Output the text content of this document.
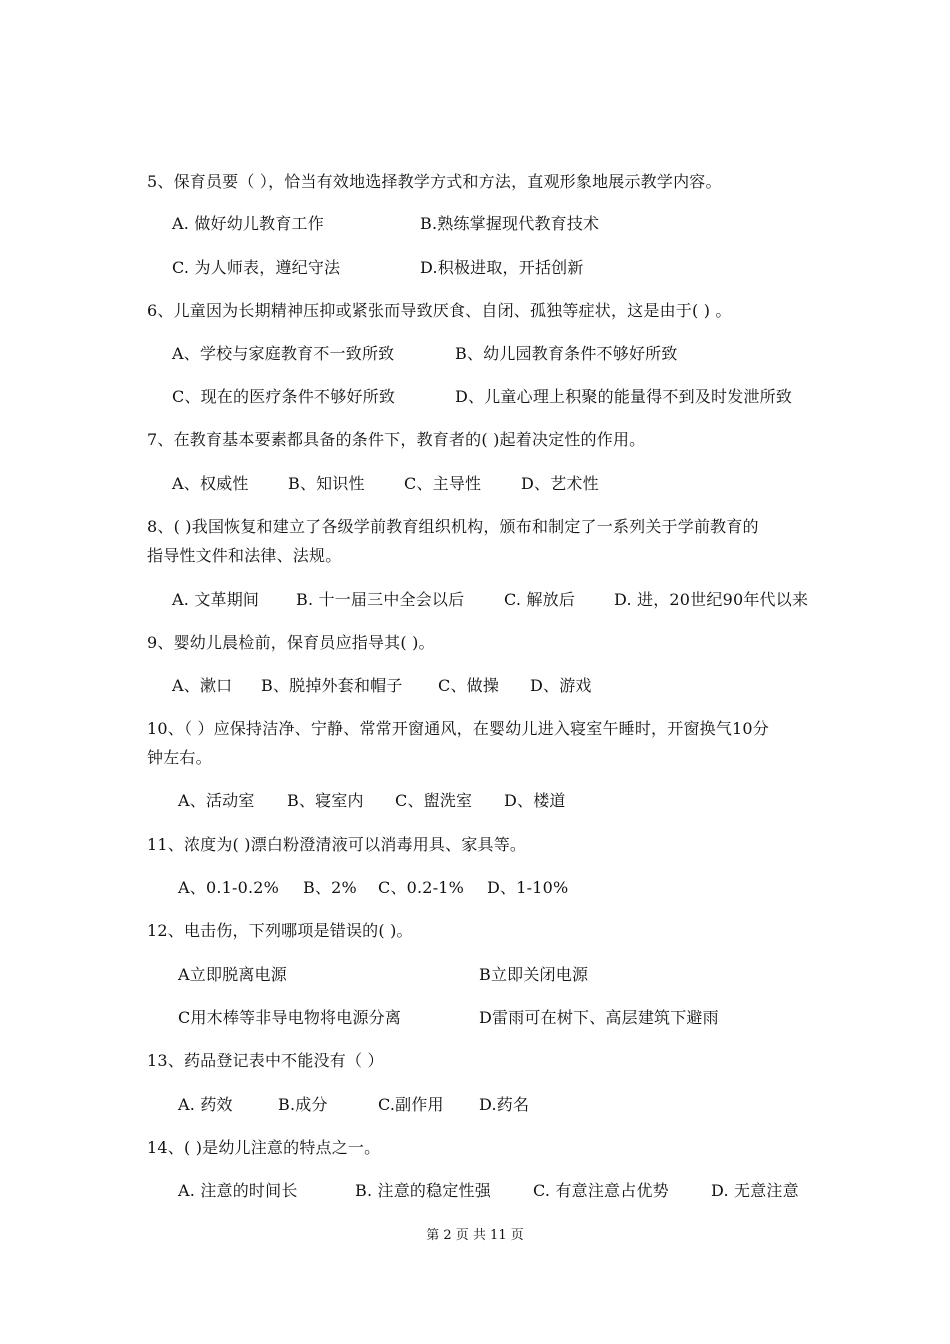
5、保育员要（ ），恰当有效地选择教学方式和方法，直观形象地展示教学内容。
A. 做好幼儿教育工作	B.熟练掌握现代教育技术
C. 为人师表，遵纪守法	D.积极进取，开括创新
6、儿童因为长期精神压抑或紧张而导致厌食、自闭、孤独等症状，这是由于( ) 。
A、学校与家庭教育不一致所致	B、幼儿园教育条件不够好所致
C、现在的医疗条件不够好所致	D、儿童心理上积聚的能量得不到及时发泄所致
7、在教育基本要素都具备的条件下，教育者的( )起着决定性的作用。
A、权威性 B、知识性 C、主导性 D、艺术性
8、( )我国恢复和建立了各级学前教育组织机构，颁布和制定了一系列关于学前教育的
指导性文件和法律、法规。
A. 文革期间 B. 十一届三中全会以后 C. 解放后 D. 进，20世纪90年代以来
9、婴幼儿晨检前，保育员应指导其( )。
A、漱口 B、脱掉外套和帽子 C、做操 D、游戏
10、（ ）应保持洁净、宁静、常常开窗通风，在婴幼儿进入寝室午睡时，开窗换气10分
钟左右。
A、活动室 B、寝室内 C、盥洗室 D、楼道
11、浓度为( )漂白粉澄清液可以消毒用具、家具等。
A、0.1-0.2% B、2% C、0.2-1% D、1-10%
12、电击伤，下列哪项是错误的( )。
A立即脱离电源	B立即关闭电源
C用木棒等非导电物将电源分离	D雷雨可在树下、高层建筑下避雨
13、药品登记表中不能没有（ ）
A. 药效	B.成分	C.副作用 D.药名
14、( )是幼儿注意的特点之一。
A. 注意的时间长	B. 注意的稳定性强	C. 有意注意占优势	D. 无意注意
第 2 页 共 11 页
